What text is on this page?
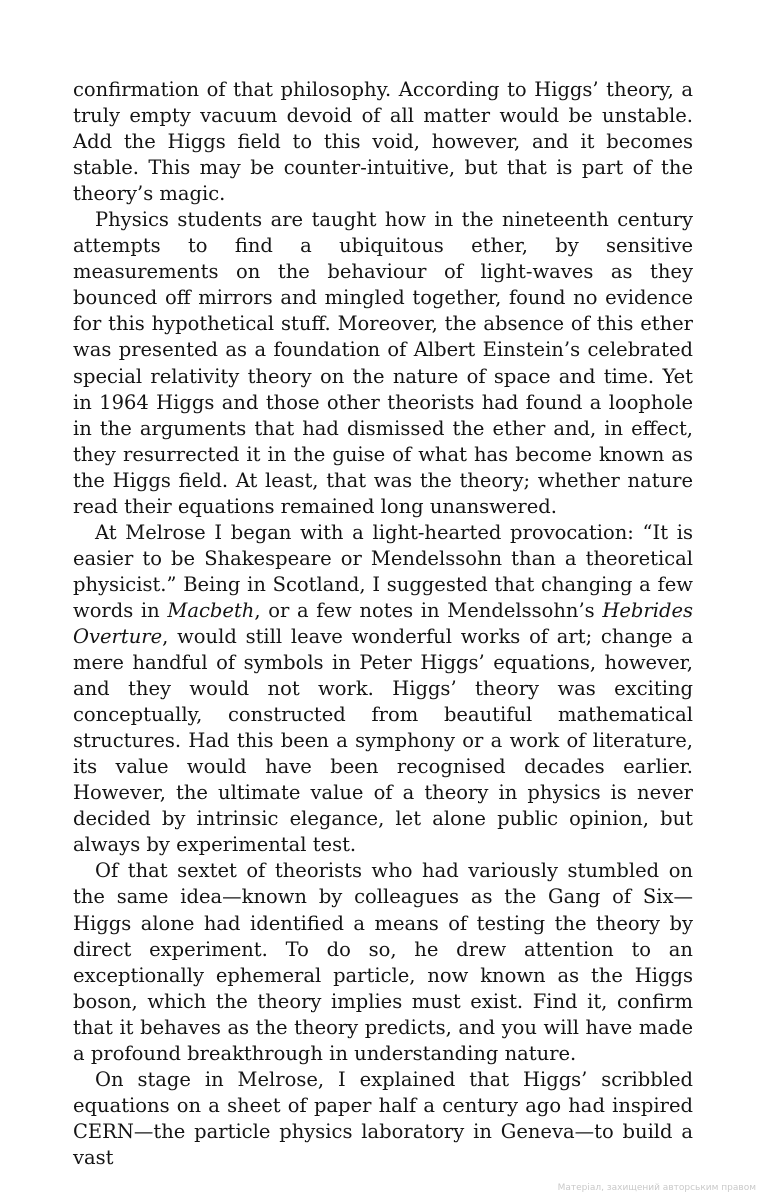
confirmation of that philosophy. According to Higgs’ theory, a truly empty vacuum devoid of all matter would be unstable. Add the Higgs field to this void, however, and it becomes stable. This may be counter-intuitive, but that is part of the theory’s magic.

Physics students are taught how in the nineteenth century attempts to find a ubiquitous ether, by sensitive measurements on the behaviour of light-waves as they bounced off mirrors and mingled together, found no evidence for this hypothetical stuff. Moreover, the absence of this ether was presented as a foundation of Albert Einstein’s celebrated special relativity theory on the nature of space and time. Yet in 1964 Higgs and those other theorists had found a loophole in the arguments that had dismissed the ether and, in effect, they resurrected it in the guise of what has become known as the Higgs field. At least, that was the theory; whether nature read their equations remained long unanswered.

At Melrose I began with a light-hearted provocation: “It is easier to be Shakespeare or Mendelssohn than a theoretical physicist.” Being in Scotland, I suggested that changing a few words in Macbeth, or a few notes in Mendelssohn’s Hebrides Overture, would still leave wonderful works of art; change a mere handful of symbols in Peter Higgs’ equations, however, and they would not work. Higgs’ theory was exciting conceptually, constructed from beautiful mathematical structures. Had this been a symphony or a work of literature, its value would have been recognised decades earlier. However, the ultimate value of a theory in physics is never decided by intrinsic elegance, let alone public opinion, but always by experimental test.

Of that sextet of theorists who had variously stumbled on the same idea—known by colleagues as the Gang of Six—Higgs alone had identified a means of testing the theory by direct experiment. To do so, he drew attention to an exceptionally ephemeral particle, now known as the Higgs boson, which the theory implies must exist. Find it, confirm that it behaves as the theory predicts, and you will have made a profound breakthrough in understanding nature.

On stage in Melrose, I explained that Higgs’ scribbled equations on a sheet of paper half a century ago had inspired CERN—the particle physics laboratory in Geneva—to build a vast

Матеріал, захищений авторським правом
